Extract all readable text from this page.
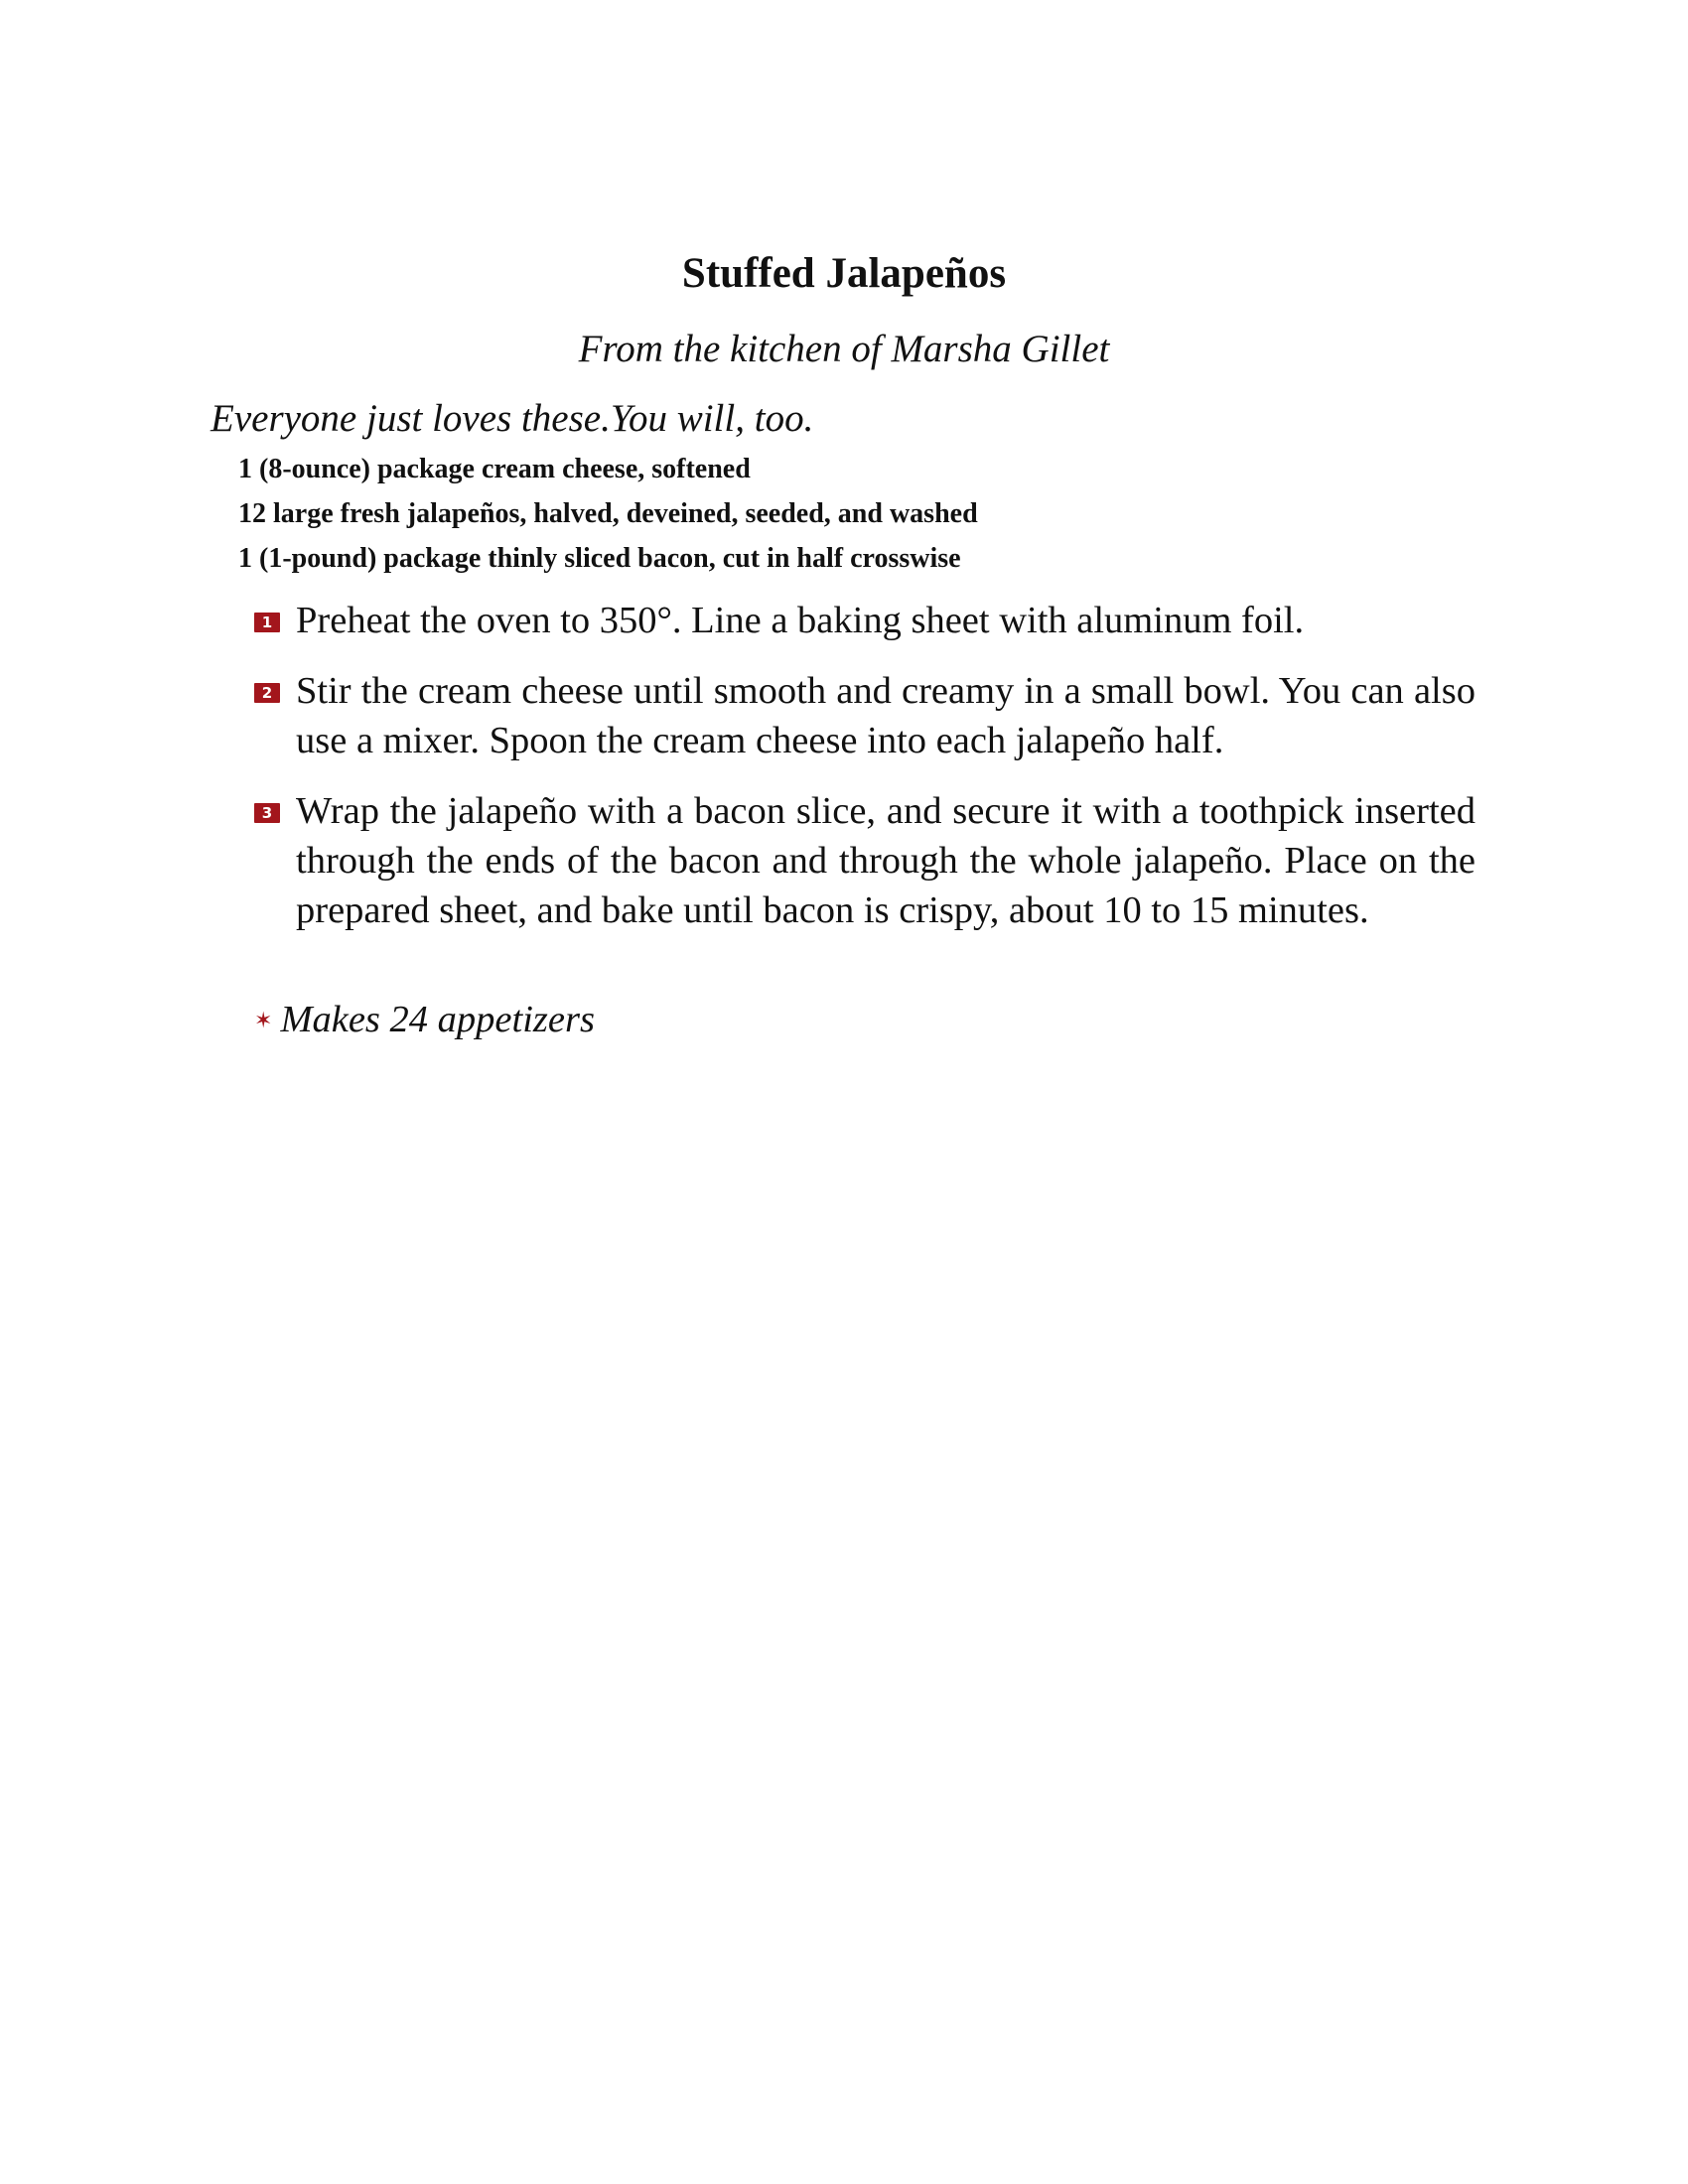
Stuffed Jalapeños

From the kitchen of Marsha Gillet

Everyone just loves these.You will, too.

1 (8-ounce) package cream cheese, softened
12 large fresh jalapeños, halved, deveined, seeded, and washed
1 (1-pound) package thinly sliced bacon, cut in half crosswise
1 Preheat the oven to 350°. Line a baking sheet with aluminum foil.
2 Stir the cream cheese until smooth and creamy in a small bowl. You can also use a mixer. Spoon the cream cheese into each jalapeño half.
3 Wrap the jalapeño with a bacon slice, and secure it with a toothpick inserted through the ends of the bacon and through the whole jalapeño. Place on the prepared sheet, and bake until bacon is crispy, about 10 to 15 minutes.

✶ Makes 24 appetizers
